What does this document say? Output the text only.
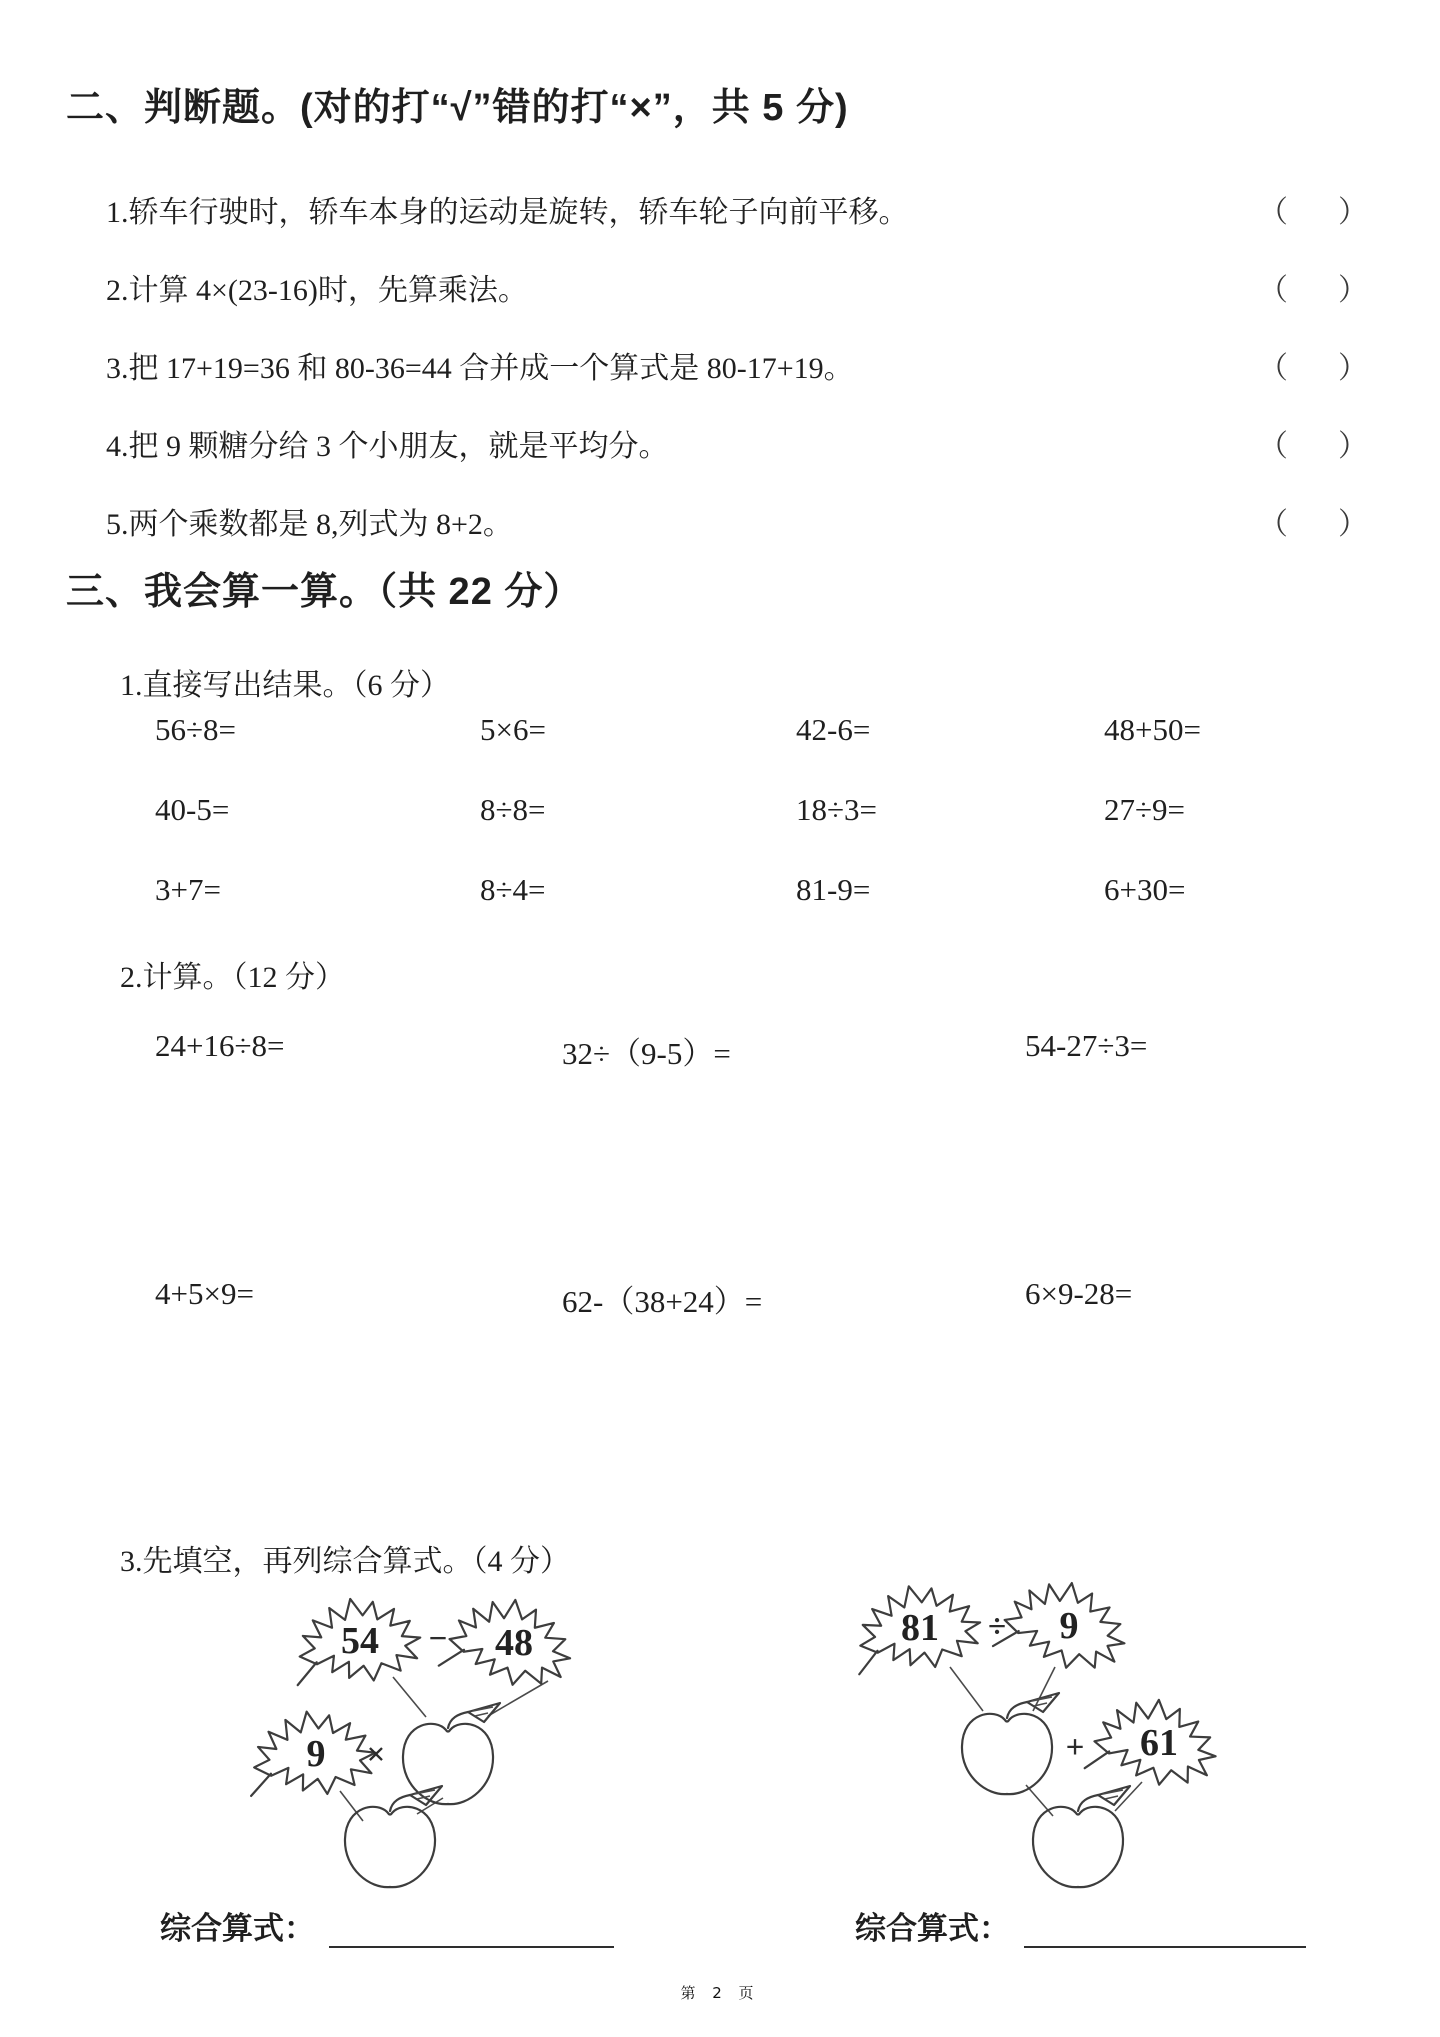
二、判断题。(对的打“√”错的打“×”，共 5 分)
1.轿车行驶时，轿车本身的运动是旋转，轿车轮子向前平移。	（ ）
2.计算 4×(23-16)时，先算乘法。	（ ）
3.把 17+19=36 和 80-36=44 合并成一个算式是 80-17+19。	（ ）
4.把 9 颗糖分给 3 个小朋友，就是平均分。	（ ）
5.两个乘数都是 8,列式为 8+2。	（ ）
三、我会算一算。（共 22 分）
1.直接写出结果。（6 分）
56÷8=	5×6=	42-6=	48+50=
40-5=	8÷8=	18÷3=	27÷9=
3+7=	8÷4=	81-9=	6+30=
2.计算。（12 分）
24+16÷8=	32÷（9-5）=	54-27÷3=
4+5×9=	62-（38+24）=	6×9-28=
3.先填空，再列综合算式。（4 分）
54 − 48
9 ×
81 ÷ 9
+ 61
综合算式：	综合算式：
第 2 页
